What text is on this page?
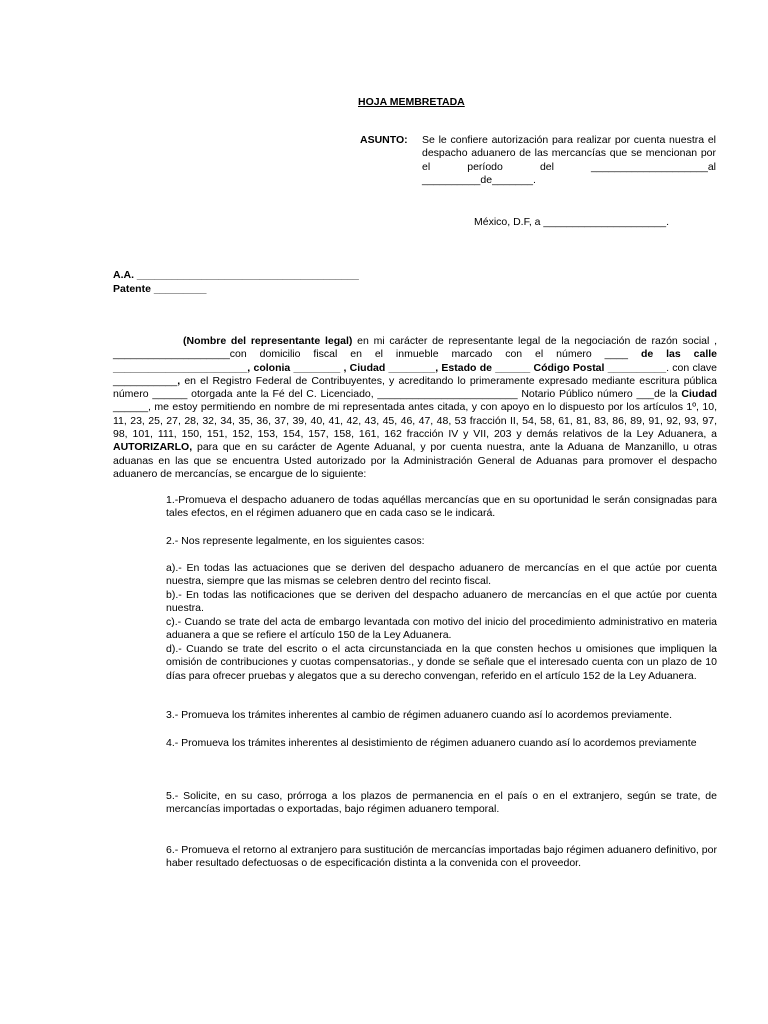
HOJA MEMBRETADA
ASUNTO: Se le confiere autorización para realizar por cuenta nuestra el despacho aduanero de las mercancías que se mencionan por el período del ____________________al __________de_______.
México, D.F, a _____________________.
A.A. ______________________________________
Patente _________
(Nombre del representante legal) en mi carácter de representante legal de la negociación de razón social , ____________________con domicilio fiscal en el inmueble marcado con el número ____ de las calle _______________________, colonia ________ , Ciudad ________, Estado de ______ Código Postal __________. con clave ___________, en el Registro Federal de Contribuyentes, y acreditando lo primeramente expresado mediante escritura pública número ______ otorgada ante la Fé del C. Licenciado, ________________________ Notario Público número ___de la Ciudad ______, me estoy permitiendo en nombre de mi representada antes citada, y con apoyo en lo dispuesto por los artículos 1º, 10, 11, 23, 25, 27, 28, 32, 34, 35, 36, 37, 39, 40, 41, 42, 43, 45, 46, 47, 48, 53 fracción II, 54, 58, 61, 81, 83, 86, 89, 91, 92, 93, 97, 98, 101, 111, 150, 151, 152, 153, 154, 157, 158, 161, 162 fracción IV y VII, 203 y demás relativos de la Ley Aduanera, a AUTORIZARLO, para que en su carácter de Agente Aduanal, y por cuenta nuestra, ante la Aduana de Manzanillo, u otras aduanas en las que se encuentra Usted autorizado por la Administración General de Aduanas para promover el despacho aduanero de mercancías, se encargue de lo siguiente:
1.-Promueva el despacho aduanero de todas aquéllas mercancías que en su oportunidad le serán consignadas para tales efectos, en el régimen aduanero que en cada caso se le indicará.
2.- Nos represente legalmente, en los siguientes casos:
a).- En todas las actuaciones que se deriven del despacho aduanero de mercancías en el que actúe por cuenta nuestra, siempre que las mismas se celebren dentro del recinto fiscal.
b).- En todas las notificaciones que se deriven del despacho aduanero de mercancías en el que actúe por cuenta nuestra.
c).- Cuando se trate del acta de embargo levantada con motivo del inicio del procedimiento administrativo en materia aduanera a que se refiere el artículo 150 de la Ley Aduanera.
d).- Cuando se trate del escrito o el acta circunstanciada en la que consten hechos u omisiones que impliquen la omisión de contribuciones y cuotas compensatorias., y donde se señale que el interesado cuenta con un plazo de 10 días para ofrecer pruebas y alegatos que a su derecho convengan, referido en el artículo 152 de la Ley Aduanera.
3.- Promueva los trámites inherentes al cambio de régimen aduanero cuando así lo acordemos previamente.
4.- Promueva los trámites inherentes al desistimiento de régimen aduanero cuando así lo acordemos previamente
5.- Solicite, en su caso, prórroga a los plazos de permanencia en el país o en el extranjero, según se trate, de mercancías importadas o exportadas, bajo régimen aduanero temporal.
6.- Promueva el retorno al extranjero para sustitución de mercancías importadas bajo régimen aduanero definitivo, por haber resultado defectuosas o de especificación distinta a la convenida con el proveedor.
